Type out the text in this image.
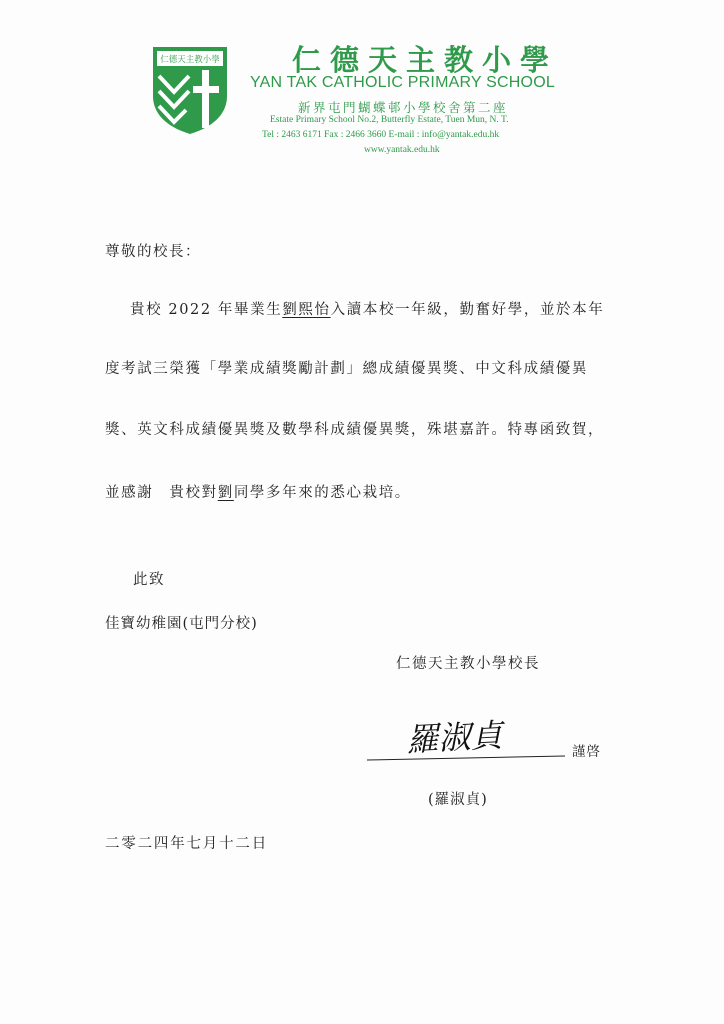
仁德天主教小學 仁德天主教小學
YAN TAK CATHOLIC PRIMARY SCHOOL
新界屯門蝴蝶邨小學校舍第二座
Estate Primary School No.2, Butterfly Estate, Tuen Mun, N. T.
Tel : 2463 6171 Fax : 2466 3660 E-mail : info@yantak.edu.hk
www.yantak.edu.hk
尊敬的校長：
貴校 2022 年畢業生劉熙怡入讀本校一年級，勤奮好學，並於本年
度考試三榮獲「學業成績獎勵計劃」總成績優異獎、中文科成績優異
獎、英文科成績優異獎及數學科成績優異獎，殊堪嘉許。特專函致賀，
並感謝　貴校對劉同學多年來的悉心栽培。
此致
佳寶幼稚園(屯門分校)
仁德天主教小學校長
羅淑貞	謹啓
(羅淑貞)
二零二四年七月十二日
